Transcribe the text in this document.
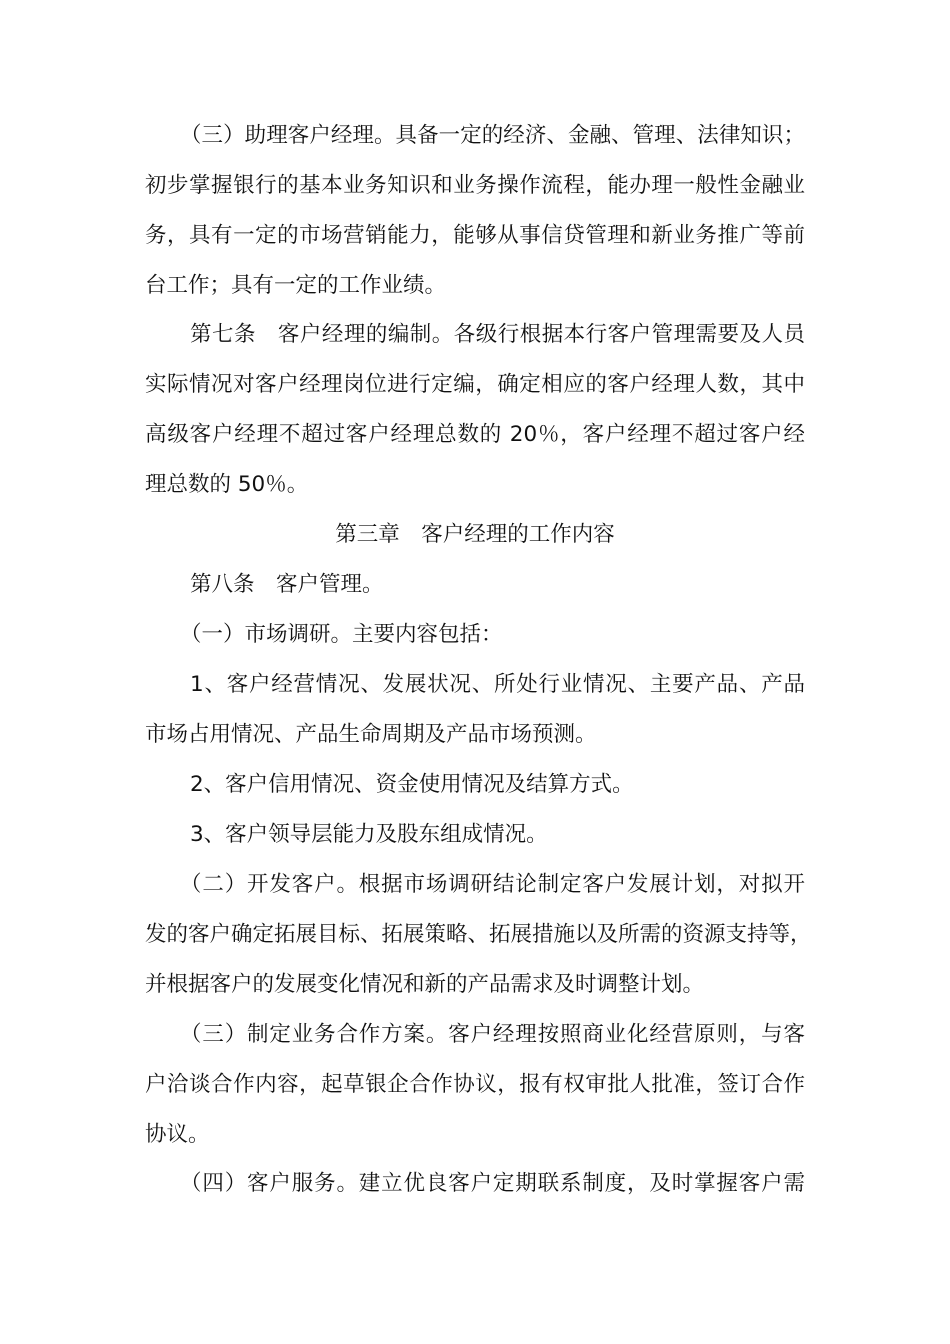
（三）助理客户经理。具备一定的经济、金融、管理、法律知识；

初步掌握银行的基本业务知识和业务操作流程，能办理一般性金融业

务，具有一定的市场营销能力，能够从事信贷管理和新业务推广等前

台工作；具有一定的工作业绩。

第七条　客户经理的编制。各级行根据本行客户管理需要及人员

实际情况对客户经理岗位进行定编，确定相应的客户经理人数，其中

高级客户经理不超过客户经理总数的 20％，客户经理不超过客户经

理总数的 50％。

第三章　客户经理的工作内容

第八条　客户管理。

（一）市场调研。主要内容包括：

1、客户经营情况、发展状况、所处行业情况、主要产品、产品

市场占用情况、产品生命周期及产品市场预测。

2、客户信用情况、资金使用情况及结算方式。

3、客户领导层能力及股东组成情况。

（二）开发客户。根据市场调研结论制定客户发展计划，对拟开

发的客户确定拓展目标、拓展策略、拓展措施以及所需的资源支持等，

并根据客户的发展变化情况和新的产品需求及时调整计划。

（三）制定业务合作方案。客户经理按照商业化经营原则，与客

户洽谈合作内容，起草银企合作协议，报有权审批人批准，签订合作

协议。

（四）客户服务。建立优良客户定期联系制度，及时掌握客户需
